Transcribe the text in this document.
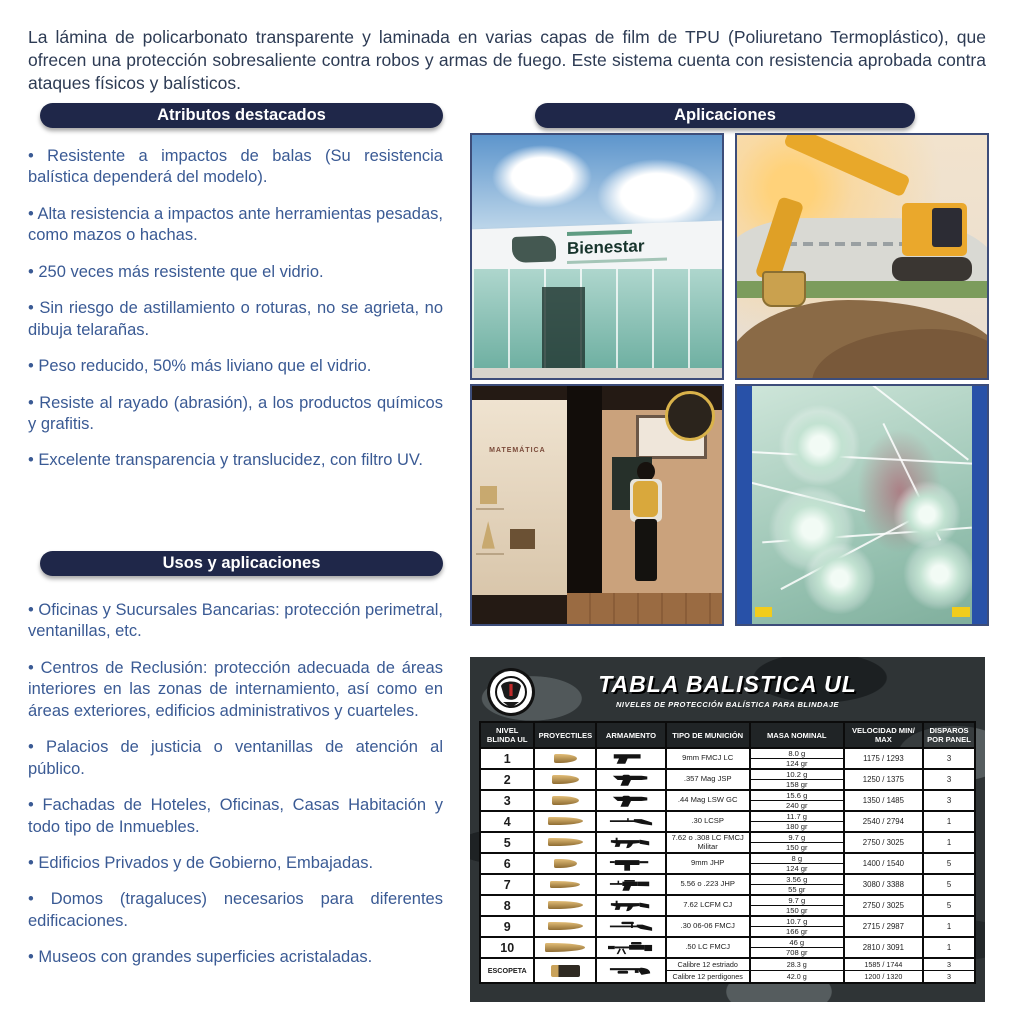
La lámina de policarbonato transparente y laminada en varias capas de film de TPU (Poliuretano Termoplástico), que ofrecen una protección sobresaliente contra robos y armas de fuego. Este sistema cuenta con resistencia aprobada contra ataques físicos y balísticos.

Atributos destacados
• Resistente a impactos de balas (Su resistencia balística dependerá del modelo).
• Alta resistencia a impactos ante herramientas pesadas, como mazos o hachas.
• 250 veces más resistente que el vidrio.
• Sin riesgo de astillamiento o roturas, no se agrieta, no dibuja telarañas.
• Peso reducido, 50% más liviano que el vidrio.
• Resiste al rayado (abrasión), a los productos químicos y grafitis.
• Excelente transparencia y translucidez, con filtro UV.
Usos y aplicaciones
• Oficinas y Sucursales Bancarias: protección perimetral, ventanillas, etc.
• Centros de Reclusión: protección adecuada de áreas interiores en las zonas de internamiento, así como en áreas exteriores, edificios administrativos y cuarteles.
• Palacios de justicia o ventanillas de atención al público.
• Fachadas de Hoteles, Oficinas, Casas Habitación y todo tipo de Inmuebles.
• Edificios Privados y de Gobierno, Embajadas.
• Domos (tragaluces) necesarios para diferentes edificaciones.
• Museos con grandes superficies acristaladas.
Aplicaciones
Bienestar
MATEMÁTICA
TABLA BALISTICA UL
NIVELES DE PROTECCIÓN BALÍSTICA PARA BLINDAJE
NIVEL BLINDA UL	PROYECTILES	ARMAMENTO	TIPO DE MUNICIÓN	MASA NOMINAL	VELOCIDAD MIN/ MAX	DISPAROS POR PANEL
1			9mm FMCJ LC	8.0 g	1175 / 1293	3
				124 gr		
2			.357 Mag JSP	10.2 g	1250 / 1375	3
				158 gr		
3			.44 Mag LSW GC	15.6 g	1350 / 1485	3
				240 gr		
4			.30 LCSP	11.7 g	2540 / 2794	1
				180 gr		
5			7.62 o .308 LC FMCJ Militar	9.7 g	2750 / 3025	1
				150 gr		
6			9mm JHP	8 g	1400 / 1540	5
				124 gr		
7			5.56 o .223 JHP	3.56 g	3080 / 3388	5
				55 gr		
8			7.62 LCFM CJ	9.7 g	2750 / 3025	5
				150 gr		
9			.30 06-06 FMCJ	10.7 g	2715 / 2987	1
				166 gr		
10			.50 LC FMCJ	46 g	2810 / 3091	1
				708 gr		
ESCOPETA			Calibre 12 estriado	28.3 g	1585 / 1744	3
			Calibre 12 perdigones	42.0 g	1200 / 1320	3
